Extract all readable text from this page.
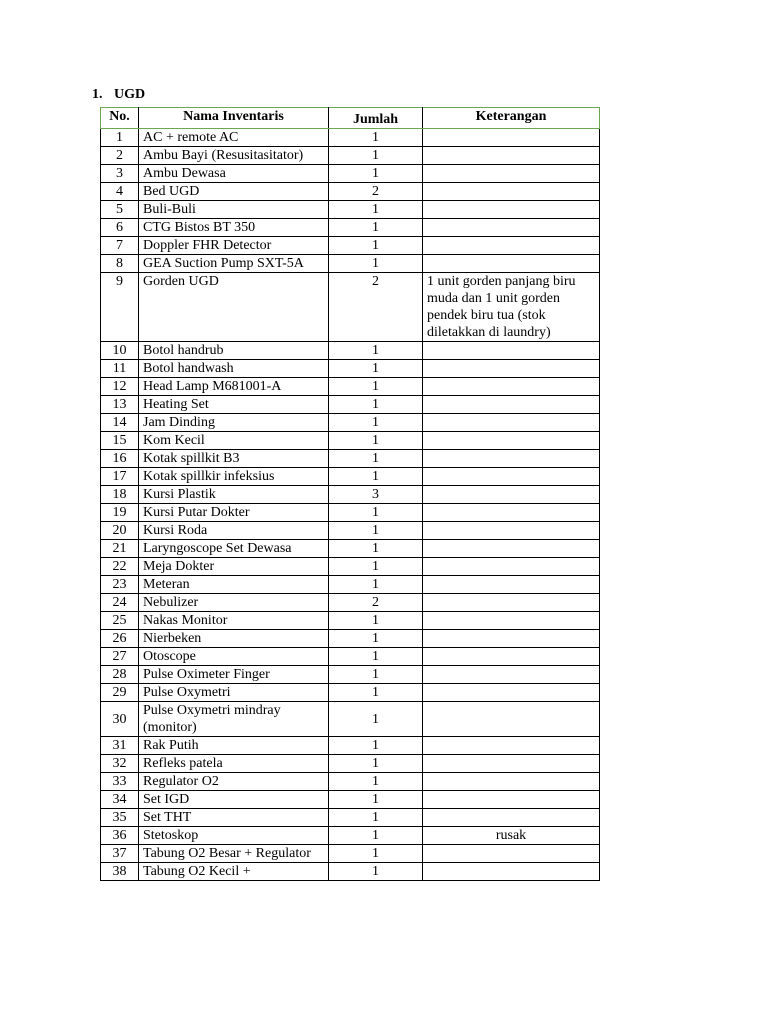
1. UGD
No.	Nama Inventaris	Jumlah	Keterangan
1	AC + remote AC	1	
2	Ambu Bayi (Resusitasitator)	1	
3	Ambu Dewasa	1	
4	Bed UGD	2	
5	Buli-Buli	1	
6	CTG Bistos BT 350	1	
7	Doppler FHR Detector	1	
8	GEA Suction Pump SXT-5A	1	
9	Gorden UGD	2	1 unit gorden panjang biru muda dan 1 unit gorden pendek biru tua (stok diletakkan di laundry)
10	Botol handrub	1	
11	Botol handwash	1	
12	Head Lamp M681001-A	1	
13	Heating Set	1	
14	Jam Dinding	1	
15	Kom Kecil	1	
16	Kotak spillkit B3	1	
17	Kotak spillkir infeksius	1	
18	Kursi Plastik	3	
19	Kursi Putar Dokter	1	
20	Kursi Roda	1	
21	Laryngoscope Set Dewasa	1	
22	Meja Dokter	1	
23	Meteran	1	
24	Nebulizer	2	
25	Nakas Monitor	1	
26	Nierbeken	1	
27	Otoscope	1	
28	Pulse Oximeter Finger	1	
29	Pulse Oxymetri	1	
30	Pulse Oxymetri mindray (monitor)	1	
31	Rak Putih	1	
32	Refleks patela	1	
33	Regulator O2	1	
34	Set IGD	1	
35	Set THT	1	
36	Stetoskop	1	rusak
37	Tabung O2 Besar + Regulator	1	
38	Tabung O2 Kecil +	1	
